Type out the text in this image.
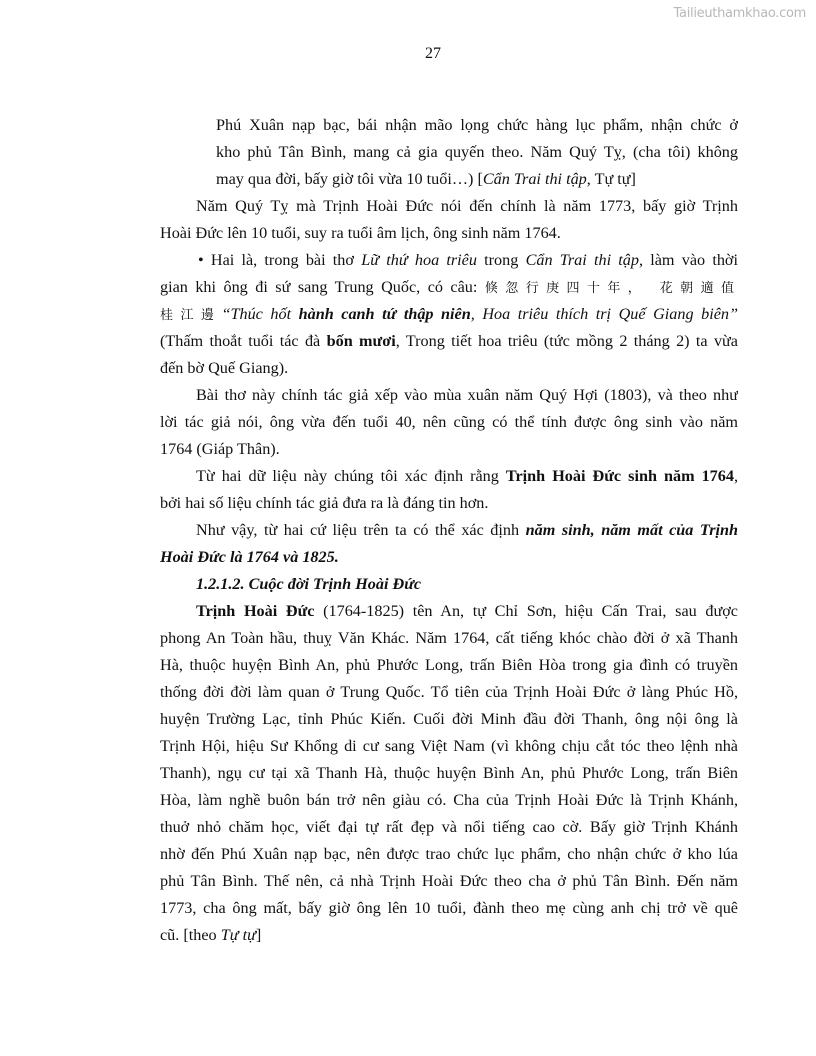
Tailieuthamkhao.com
27
Phú Xuân nạp bạc, bái nhận mão lọng chức hàng lục phẩm, nhận chức ở
kho phủ Tân Bình, mang cả gia quyến theo. Năm Quý Tỵ, (cha tôi) không
may qua đời, bấy giờ tôi vừa 10 tuổi…) [Cẩn Trai thi tập, Tự tự]
Năm Quý Tỵ mà Trịnh Hoài Đức nói đến chính là năm 1773, bấy giờ Trịnh
Hoài Đức lên 10 tuổi, suy ra tuổi âm lịch, ông sinh năm 1764.
• Hai là, trong bài thơ Lữ thứ hoa triêu trong Cẩn Trai thi tập, làm vào thời
gian khi ông đi sứ sang Trung Quốc, có câu: 倏忽行庚四十年， 花朝適值
桂江邊“Thúc hốt hành canh tứ thập niên, Hoa triêu thích trị Quế Giang biên”
(Thấm thoắt tuổi tác đà bốn mươi, Trong tiết hoa triêu (tức mồng 2 tháng 2) ta vừa
đến bờ Quế Giang).
Bài thơ này chính tác giả xếp vào mùa xuân năm Quý Hợi (1803), và theo như
lời tác giả nói, ông vừa đến tuổi 40, nên cũng có thể tính được ông sinh vào năm
1764 (Giáp Thân).
Từ hai dữ liệu này chúng tôi xác định rằng Trịnh Hoài Đức sinh năm 1764,
bởi hai số liệu chính tác giả đưa ra là đáng tin hơn.
Như vậy, từ hai cứ liệu trên ta có thể xác định năm sinh, năm mất của Trịnh
Hoài Đức là 1764 và 1825.
1.2.1.2. Cuộc đời Trịnh Hoài Đức
Trịnh Hoài Đức (1764-1825) tên An, tự Chỉ Sơn, hiệu Cấn Trai, sau được
phong An Toàn hầu, thuỵ Văn Khác. Năm 1764, cất tiếng khóc chào đời ở xã Thanh
Hà, thuộc huyện Bình An, phủ Phước Long, trấn Biên Hòa trong gia đình có truyền
thống đời đời làm quan ở Trung Quốc. Tổ tiên của Trịnh Hoài Đức ở làng Phúc Hồ,
huyện Trường Lạc, tỉnh Phúc Kiến. Cuối đời Minh đầu đời Thanh, ông nội ông là
Trịnh Hội, hiệu Sư Khổng di cư sang Việt Nam (vì không chịu cắt tóc theo lệnh nhà
Thanh), ngụ cư tại xã Thanh Hà, thuộc huyện Bình An, phủ Phước Long, trấn Biên
Hòa, làm nghề buôn bán trở nên giàu có. Cha của Trịnh Hoài Đức là Trịnh Khánh,
thuở nhỏ chăm học, viết đại tự rất đẹp và nổi tiếng cao cờ. Bấy giờ Trịnh Khánh
nhờ đến Phú Xuân nạp bạc, nên được trao chức lục phẩm, cho nhận chức ở kho lúa
phủ Tân Bình. Thế nên, cả nhà Trịnh Hoài Đức theo cha ở phủ Tân Bình. Đến năm
1773, cha ông mất, bấy giờ ông lên 10 tuổi, đành theo mẹ cùng anh chị trở về quê
cũ. [theo Tự tự]
